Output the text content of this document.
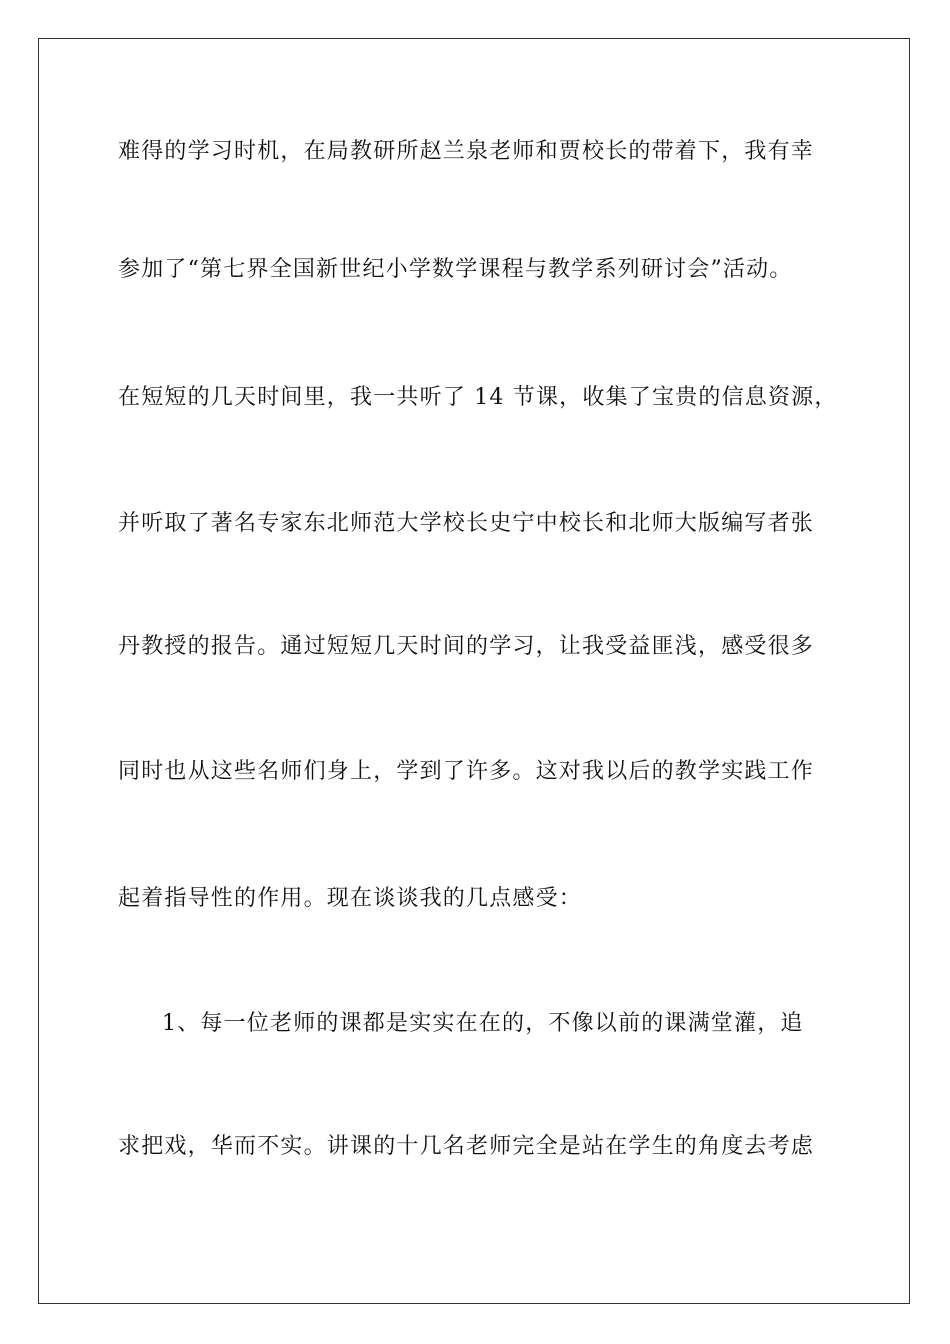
难得的学习时机，在局教研所赵兰泉老师和贾校长的带着下，我有幸
参加了“第七界全国新世纪小学数学课程与教学系列研讨会”活动。
在短短的几天时间里，我一共听了 14 节课，收集了宝贵的信息资源，
并听取了著名专家东北师范大学校长史宁中校长和北师大版编写者张
丹教授的报告。通过短短几天时间的学习，让我受益匪浅，感受很多
同时也从这些名师们身上，学到了许多。这对我以后的教学实践工作
起着指导性的作用。现在谈谈我的几点感受：
1、每一位老师的课都是实实在在的，不像以前的课满堂灌，追
求把戏，华而不实。讲课的十几名老师完全是站在学生的角度去考虑
